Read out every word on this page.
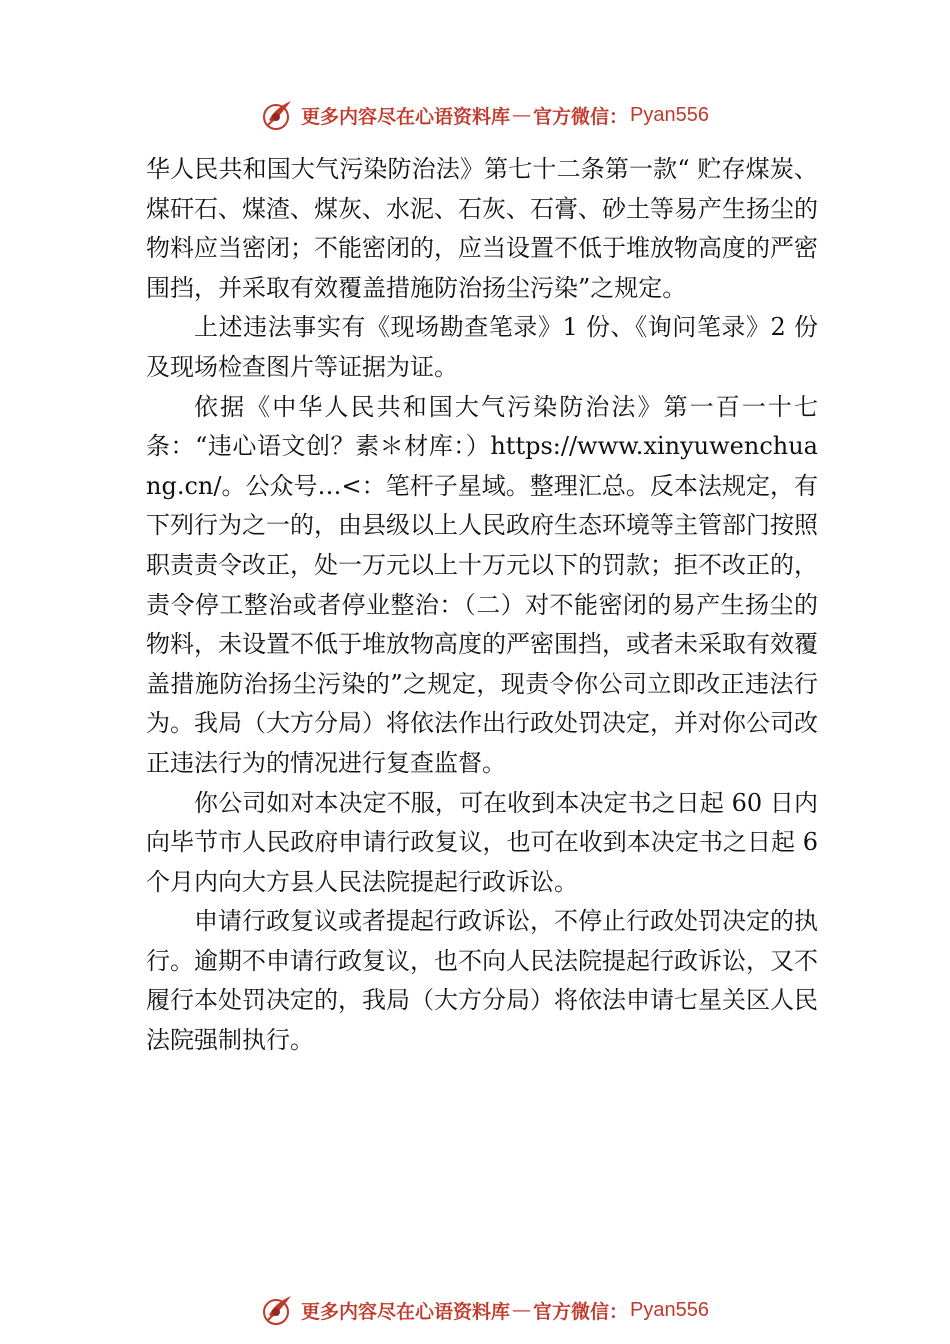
更多内容尽在心语资料库 — 官方微信： Pyan556

华人民共和国大气污染防治法》第七十二条第一款“ 贮存煤炭、煤矸石、煤渣、煤灰、水泥、石灰、石膏、砂土等易产生扬尘的物料应当密闭；不能密闭的，应当设置不低于堆放物高度的严密围挡，并采取有效覆盖措施防治扬尘污染”之规定。

上述违法事实有《现场勘查笔录》1 份、《询问笔录》2 份及现场检查图片等证据为证。

依据《中华人民共和国大气污染防治法》第一百一十七条：“违心语文创？素＊材库：）https://www.xinyuwenchuang.cn/。公众号…<：笔杆子星域。整理汇总。反本法规定，有下列行为之一的，由县级以上人民政府生态环境等主管部门按照职责责令改正，处一万元以上十万元以下的罚款；拒不改正的，责令停工整治或者停业整治：（二）对不能密闭的易产生扬尘的物料，未设置不低于堆放物高度的严密围挡，或者未采取有效覆盖措施防治扬尘污染的”之规定，现责令你公司立即改正违法行为。我局（大方分局）将依法作出行政处罚决定，并对你公司改正违法行为的情况进行复查监督。

你公司如对本决定不服，可在收到本决定书之日起 60 日内向毕节市人民政府申请行政复议，也可在收到本决定书之日起 6 个月内向大方县人民法院提起行政诉讼。

申请行政复议或者提起行政诉讼，不停止行政处罚决定的执行。逾期不申请行政复议，也不向人民法院提起行政诉讼，又不履行本处罚决定的，我局（大方分局）将依法申请七星关区人民法院强制执行。

更多内容尽在心语资料库 — 官方微信： Pyan556
